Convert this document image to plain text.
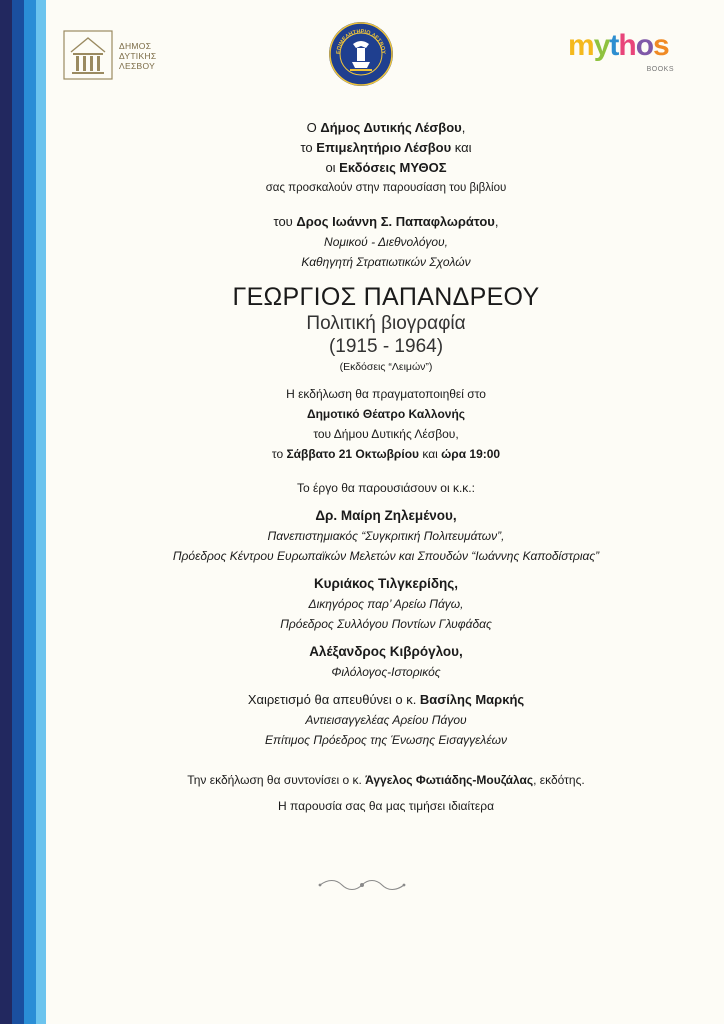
ΔΗΜΟΣ
ΔΥΤΙΚΗΣ
ΛΕΣΒΟΥ
ΕΠΙΜΕΛΗΤΗΡΙΟ ΛΕΣΒΟΥ	mythos
BOOKS
Ο Δήμος Δυτικής Λέσβου,
το Επιμελητήριο Λέσβου και
οι Εκδόσεις ΜΥΘΟΣ
σας προσκαλούν στην παρουσίαση του βιβλίου
του Δρος Ιωάννη Σ. Παπαφλωράτου,
Νομικού - Διεθνολόγου,
Καθηγητή Στρατιωτικών Σχολών
ΓΕΩΡΓΙΟΣ ΠΑΠΑΝΔΡΕΟΥ
Πολιτική βιογραφία
(1915 - 1964)
(Εκδόσεις “Λειμών”)
Η εκδήλωση θα πραγματοποιηθεί στο
Δημοτικό Θέατρο Καλλονής
του Δήμου Δυτικής Λέσβου,
το Σάββατο 21 Οκτωβρίου και ώρα 19:00
Το έργο θα παρουσιάσουν οι κ.κ.:
Δρ. Μαίρη Ζηλεμένου,
Πανεπιστημιακός “Συγκριτική Πολιτευμάτων”,
Πρόεδρος Κέντρου Ευρωπαϊκών Μελετών και Σπουδών “Ιωάννης Καποδίστριας”
Κυριάκος Τιλγκερίδης,
Δικηγόρος παρ’ Αρείω Πάγω,
Πρόεδρος Συλλόγου Ποντίων Γλυφάδας
Αλέξανδρος Κιβρόγλου,
Φιλόλογος-Ιστορικός
Χαιρετισμό θα απευθύνει ο κ. Βασίλης Μαρκής
Αντιεισαγγελέας Αρείου Πάγου
Επίτιμος Πρόεδρος της Ένωσης Εισαγγελέων
Την εκδήλωση θα συντονίσει ο κ. Άγγελος Φωτιάδης-Μουζάλας, εκδότης.
Η παρουσία σας θα μας τιμήσει ιδιαίτερα
